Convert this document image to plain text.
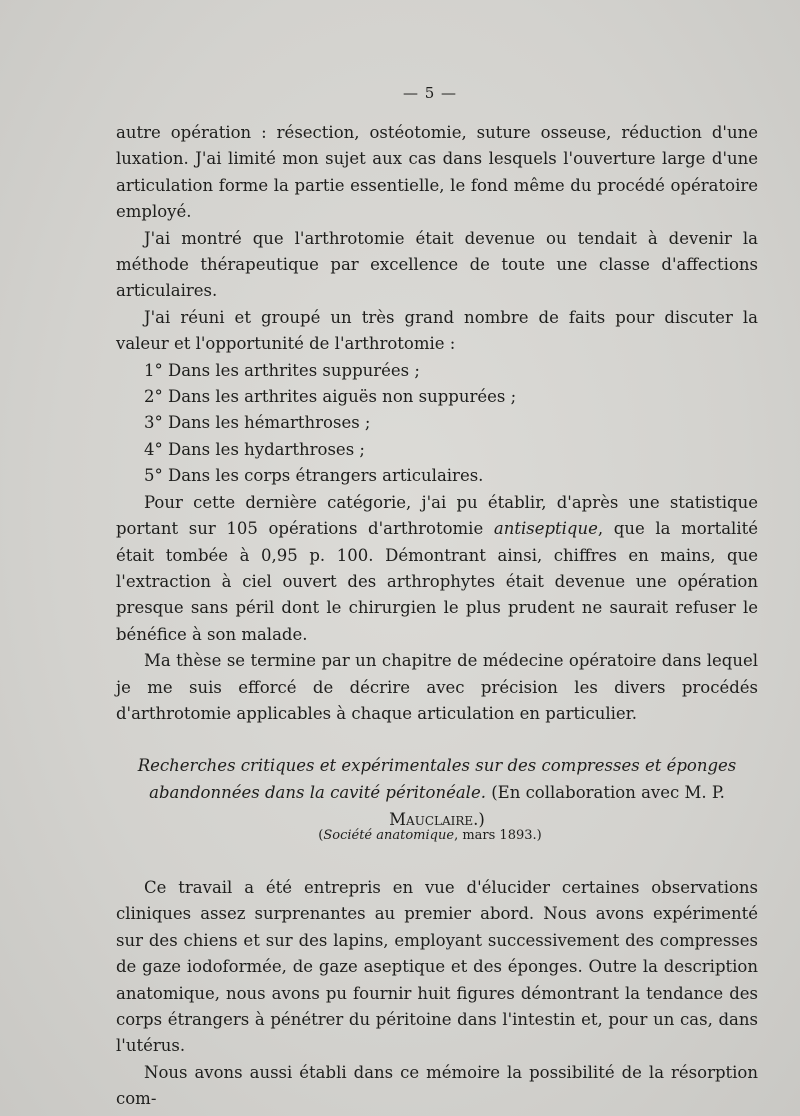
— 5 —

autre opération : résection, ostéotomie, suture osseuse, réduction d'une luxation. J'ai limité mon sujet aux cas dans lesquels l'ouverture large d'une articulation forme la partie essentielle, le fond même du procédé opératoire employé.

J'ai montré que l'arthrotomie était devenue ou tendait à devenir la méthode thérapeutique par excellence de toute une classe d'affections articulaires.

J'ai réuni et groupé un très grand nombre de faits pour discuter la valeur et l'opportunité de l'arthrotomie :

1° Dans les arthrites suppurées ;

2° Dans les arthrites aiguës non suppurées ;

3° Dans les hémarthroses ;

4° Dans les hydarthroses ;

5° Dans les corps étrangers articulaires.

Pour cette dernière catégorie, j'ai pu établir, d'après une statistique portant sur 105 opérations d'arthrotomie antiseptique, que la mortalité était tombée à 0,95 p. 100. Démontrant ainsi, chiffres en mains, que l'extraction à ciel ouvert des arthrophytes était devenue une opération presque sans péril dont le chirurgien le plus prudent ne saurait refuser le bénéfice à son malade.

Ma thèse se termine par un chapitre de médecine opératoire dans lequel je me suis efforcé de décrire avec précision les divers procédés d'arthrotomie applicables à chaque articulation en particulier.

Recherches critiques et expérimentales sur des compresses et éponges abandonnées dans la cavité péritonéale. (En collaboration avec M. P. Mauclaire.)
(Société anatomique, mars 1893.)

Ce travail a été entrepris en vue d'élucider certaines observations cliniques assez surprenantes au premier abord. Nous avons expérimenté sur des chiens et sur des lapins, employant successivement des compresses de gaze iodoformée, de gaze aseptique et des éponges. Outre la description anatomique, nous avons pu fournir huit figures démontrant la tendance des corps étrangers à pénétrer du péritoine dans l'intestin et, pour un cas, dans l'utérus.

Nous avons aussi établi dans ce mémoire la possibilité de la résorption com-
